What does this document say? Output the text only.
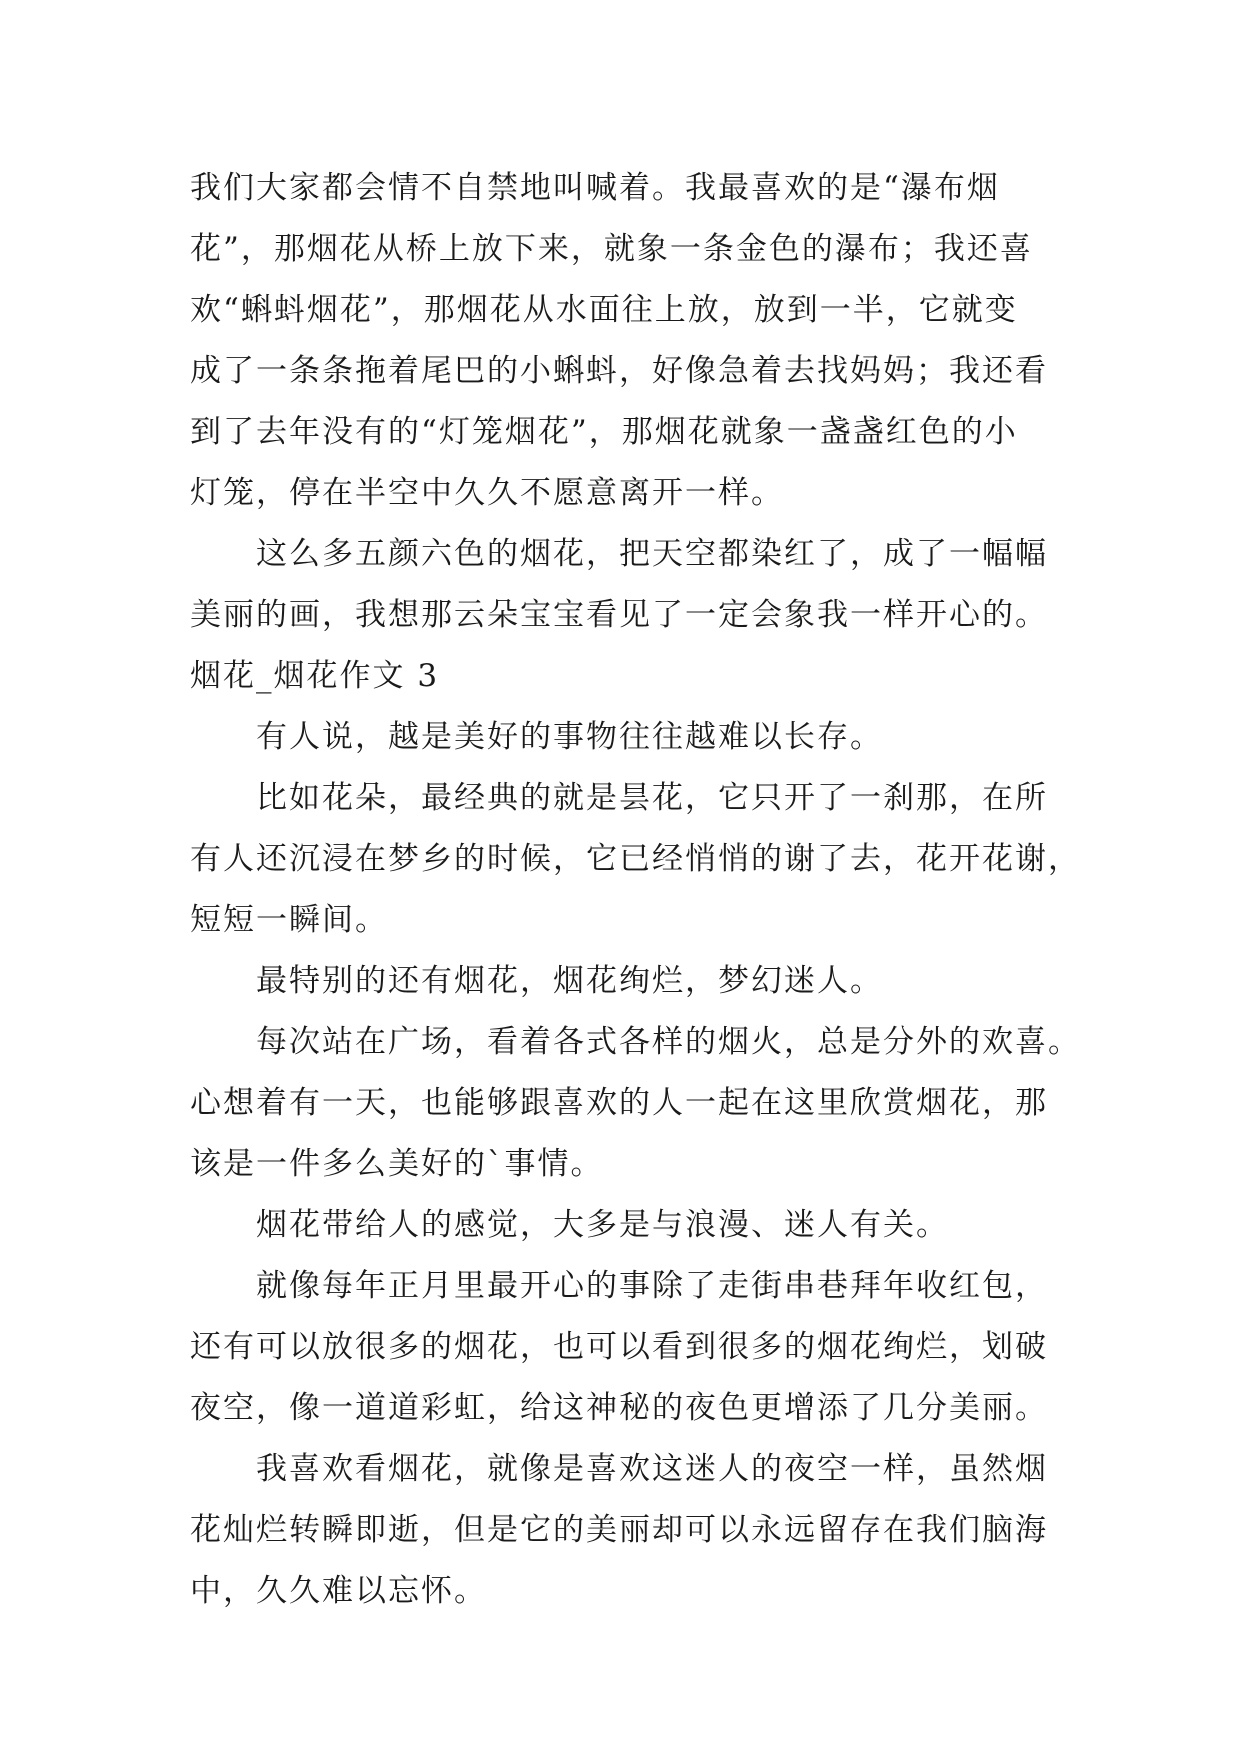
我们大家都会情不自禁地叫喊着。我最喜欢的是“瀑布烟
花”，那烟花从桥上放下来，就象一条金色的瀑布；我还喜
欢“蝌蚪烟花”，那烟花从水面往上放，放到一半，它就变
成了一条条拖着尾巴的小蝌蚪，好像急着去找妈妈；我还看
到了去年没有的“灯笼烟花”，那烟花就象一盏盏红色的小
灯笼，停在半空中久久不愿意离开一样。
这么多五颜六色的烟花，把天空都染红了，成了一幅幅
美丽的画，我想那云朵宝宝看见了一定会象我一样开心的。
烟花_烟花作文 3
有人说，越是美好的事物往往越难以长存。
比如花朵，最经典的就是昙花，它只开了一刹那，在所
有人还沉浸在梦乡的时候，它已经悄悄的谢了去，花开花谢，
短短一瞬间。
最特别的还有烟花，烟花绚烂，梦幻迷人。
每次站在广场，看着各式各样的烟火，总是分外的欢喜。
心想着有一天，也能够跟喜欢的人一起在这里欣赏烟花，那
该是一件多么美好的`事情。
烟花带给人的感觉，大多是与浪漫、迷人有关。
就像每年正月里最开心的事除了走街串巷拜年收红包，
还有可以放很多的烟花，也可以看到很多的烟花绚烂，划破
夜空，像一道道彩虹，给这神秘的夜色更增添了几分美丽。
我喜欢看烟花，就像是喜欢这迷人的夜空一样，虽然烟
花灿烂转瞬即逝，但是它的美丽却可以永远留存在我们脑海
中，久久难以忘怀。
